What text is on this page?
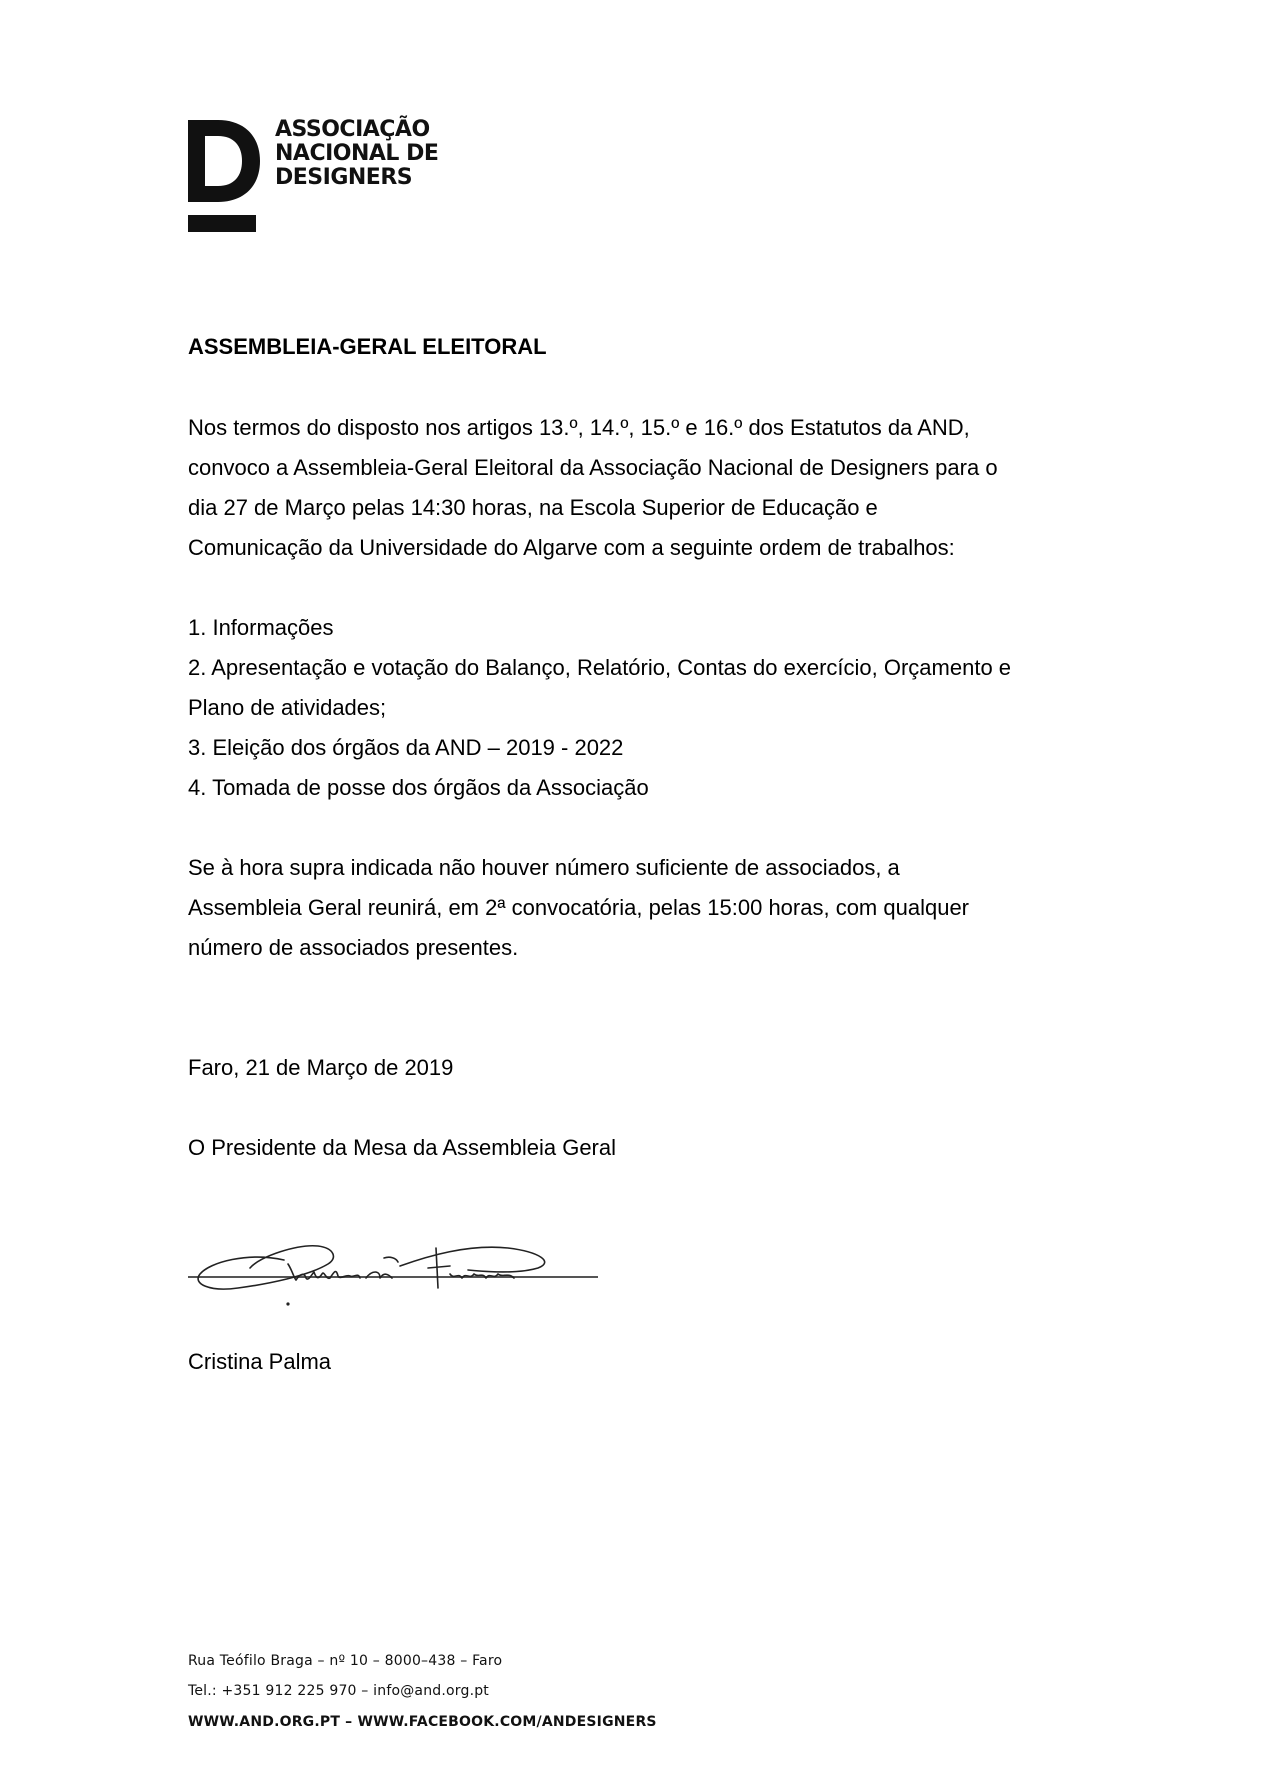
ASSOCIAÇÃO
NACIONAL DE
DESIGNERS
ASSEMBLEIA-GERAL ELEITORAL
Nos termos do disposto nos artigos 13.º, 14.º, 15.º e 16.º dos Estatutos da AND,
convoco a Assembleia-Geral Eleitoral da Associação Nacional de Designers para o
dia 27 de Março pelas 14:30 horas, na Escola Superior de Educação e
Comunicação da Universidade do Algarve com a seguinte ordem de trabalhos:
1. Informações
2. Apresentação e votação do Balanço, Relatório, Contas do exercício, Orçamento e
Plano de atividades;
3. Eleição dos órgãos da AND – 2019 - 2022
4. Tomada de posse dos órgãos da Associação
Se à hora supra indicada não houver número suficiente de associados, a
Assembleia Geral reunirá, em 2ª convocatória, pelas 15:00 horas, com qualquer
número de associados presentes.
Faro, 21 de Março de 2019
O Presidente da Mesa da Assembleia Geral
Cristina Palma
Rua Teófilo Braga – nº 10 – 8000–438 – Faro
Tel.: +351 912 225 970 – info@and.org.pt
WWW.AND.ORG.PT – WWW.FACEBOOK.COM/ANDESIGNERS
